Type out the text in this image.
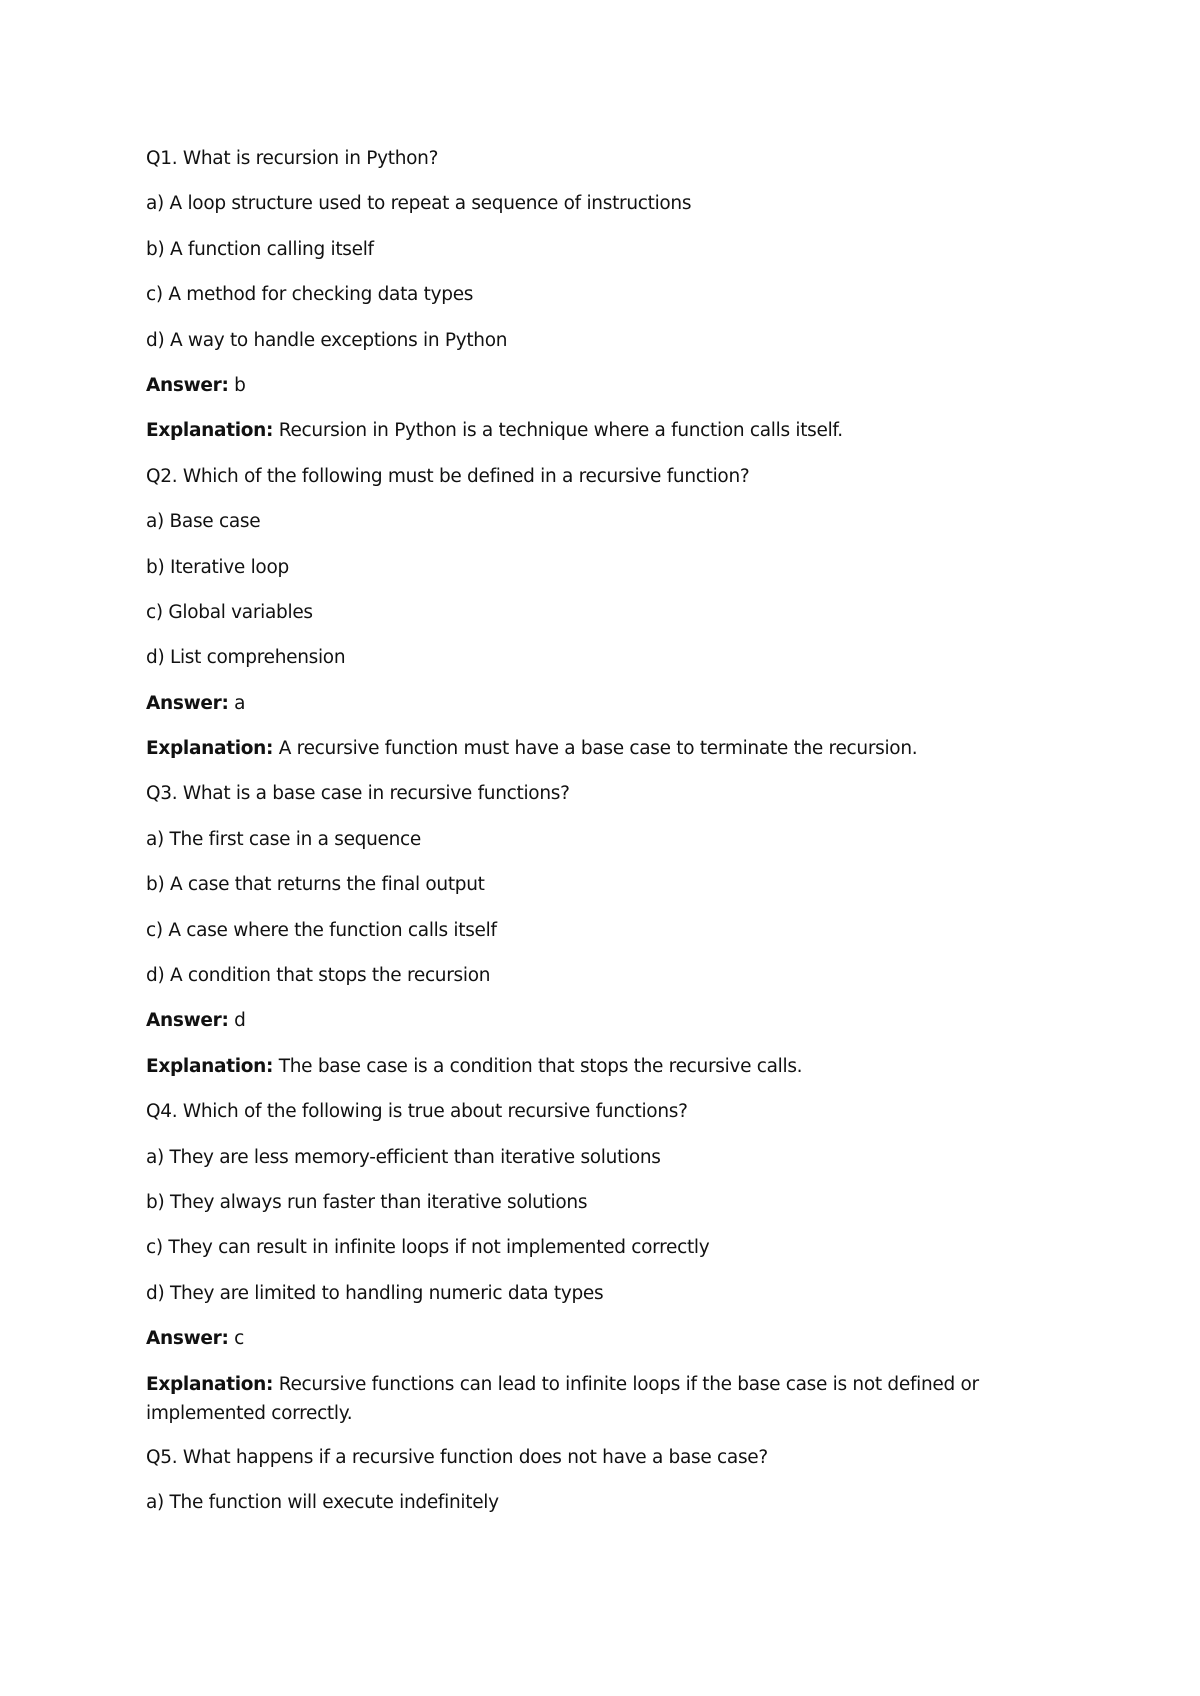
Q1. What is recursion in Python?
a) A loop structure used to repeat a sequence of instructions
b) A function calling itself
c) A method for checking data types
d) A way to handle exceptions in Python
Answer: b
Explanation: Recursion in Python is a technique where a function calls itself.
Q2. Which of the following must be defined in a recursive function?
a) Base case
b) Iterative loop
c) Global variables
d) List comprehension
Answer: a
Explanation: A recursive function must have a base case to terminate the recursion.
Q3. What is a base case in recursive functions?
a) The first case in a sequence
b) A case that returns the final output
c) A case where the function calls itself
d) A condition that stops the recursion
Answer: d
Explanation: The base case is a condition that stops the recursive calls.
Q4. Which of the following is true about recursive functions?
a) They are less memory-efficient than iterative solutions
b) They always run faster than iterative solutions
c) They can result in infinite loops if not implemented correctly
d) They are limited to handling numeric data types
Answer: c
Explanation: Recursive functions can lead to infinite loops if the base case is not defined or implemented correctly.
Q5. What happens if a recursive function does not have a base case?
a) The function will execute indefinitely
